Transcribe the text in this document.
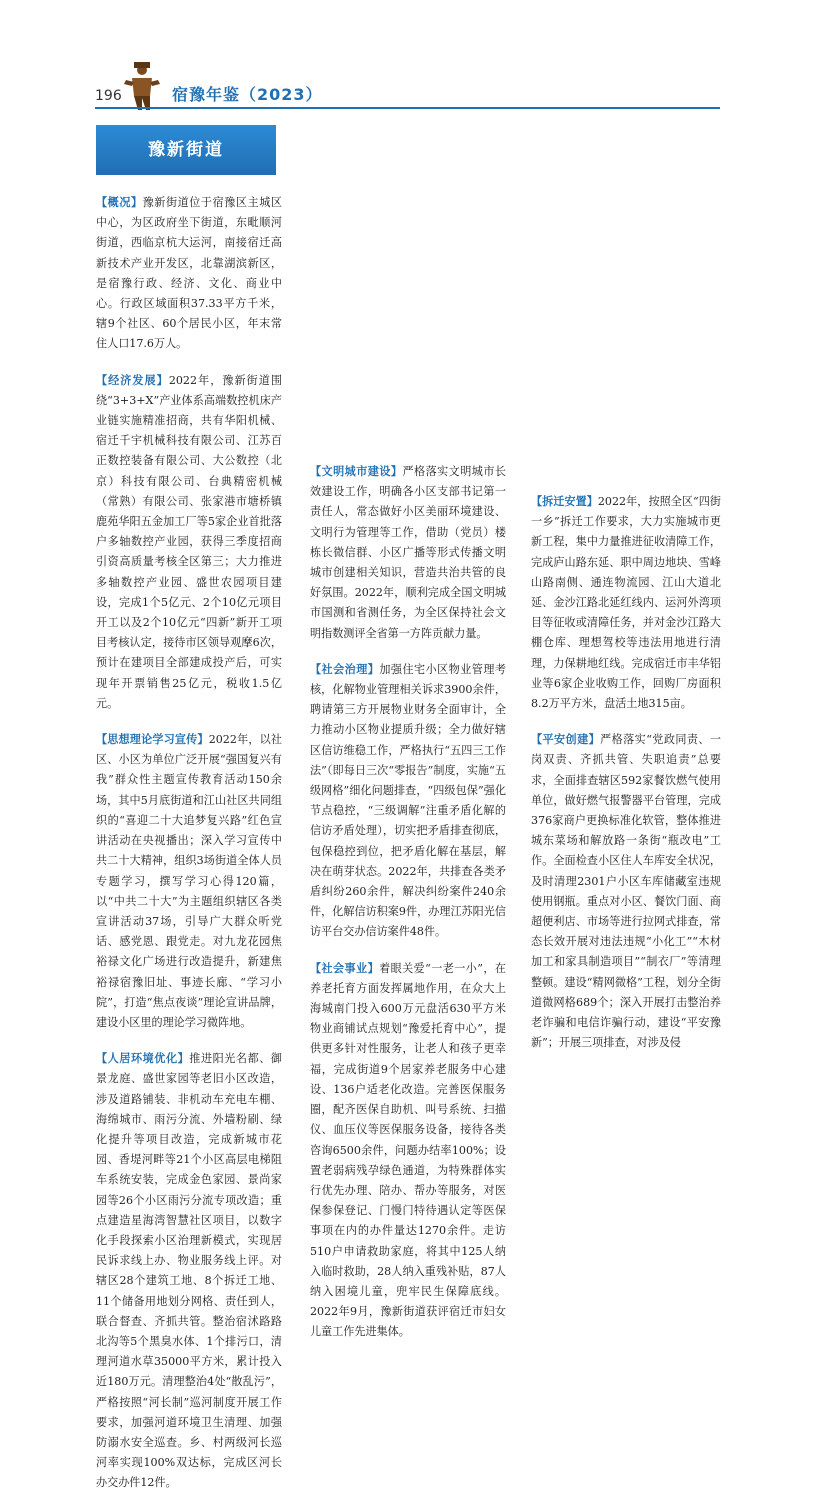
196	宿豫年鉴（2023）
豫新街道

【概况】豫新街道位于宿豫区主城区中心，为区政府坐下街道，东毗顺河街道，西临京杭大运河，南接宿迁高新技术产业开发区，北靠湖滨新区，是宿豫行政、经济、文化、商业中心。行政区域面积37.33平方千米，辖9个社区、60个居民小区，年末常住人口17.6万人。

【经济发展】2022年，豫新街道围绕“3+3+X”产业体系高端数控机床产业链实施精准招商，共有华阳机械、宿迁千宇机械科技有限公司、江苏百正数控装备有限公司、大公数控（北京）科技有限公司、台典精密机械（常熟）有限公司、张家港市塘桥镇鹿苑华阳五金加工厂等5家企业首批落户多轴数控产业园，获得三季度招商引资高质量考核全区第三；大力推进多轴数控产业园、盛世农园项目建设，完成1个5亿元、2个10亿元项目开工以及2个10亿元“四新”新开工项目考核认定，接待市区领导观摩6次，预计在建项目全部建成投产后，可实现年开票销售25亿元，税收1.5亿元。

【思想理论学习宣传】2022年，以社区、小区为单位广泛开展“强国复兴有我”群众性主题宣传教育活动150余场，其中5月底街道和江山社区共同组织的“喜迎二十大追梦复兴路”红色宣讲活动在央视播出；深入学习宣传中共二十大精神，组织3场街道全体人员专题学习，撰写学习心得120篇，以“中共二十大”为主题组织辖区各类宣讲活动37场，引导广大群众听党话、感党恩、跟党走。对九龙花园焦裕禄文化广场进行改造提升，新建焦裕禄宿豫旧址、事迹长廊、“学习小院”，打造“焦点夜谈”理论宣讲品牌，建设小区里的理论学习微阵地。

【人居环境优化】推进阳光名都、御景龙庭、盛世家园等老旧小区改造，涉及道路铺装、非机动车充电车棚、海绵城市、雨污分流、外墙粉刷、绿化提升等项目改造，完成新城市花园、香堤河畔等21个小区高层电梯阻车系统安装，完成金色家园、景尚家园等26个小区雨污分流专项改造；重点建造星海湾智慧社区项目，以数字化手段探索小区治理新模式，实现居民诉求线上办、物业服务线上评。对辖区28个建筑工地、8个拆迁工地、11个储备用地划分网格、责任到人，联合督查、齐抓共管。整治宿沭路路北沟等5个黑臭水体、1个排污口，清理河道水草35000平方米，累计投入近180万元。清理整治4处“散乱污”，严格按照“河长制”巡河制度开展工作要求，加强河道环境卫生清理、加强防溺水安全巡查。乡、村两级河长巡河率实现100%双达标，完成区河长办交办件12件。

【文明城市建设】严格落实文明城市长效建设工作，明确各小区支部书记第一责任人，常态做好小区美丽环境建设、文明行为管理等工作，借助（党员）楼栋长微信群、小区广播等形式传播文明城市创建相关知识，营造共治共管的良好氛围。2022年，顺利完成全国文明城市国测和省测任务，为全区保持社会文明指数测评全省第一方阵贡献力量。

【社会治理】加强住宅小区物业管理考核，化解物业管理相关诉求3900余件，聘请第三方开展物业财务全面审计，全力推动小区物业提质升级；全力做好辖区信访维稳工作，严格执行“五四三工作法”（即每日三次“零报告”制度，实施“五级网格”细化问题排查，“四级包保”强化节点稳控，“三级调解”注重矛盾化解的信访矛盾处理），切实把矛盾排查彻底，包保稳控到位，把矛盾化解在基层，解决在萌芽状态。2022年，共排查各类矛盾纠纷260余件，解决纠纷案件240余件，化解信访积案9件，办理江苏阳光信访平台交办信访案件48件。

【社会事业】着眼关爱“一老一小”，在养老托育方面发挥属地作用，在众大上海城南门投入600万元盘活630平方米物业商铺试点规划“豫爱托育中心”，提供更多针对性服务，让老人和孩子更幸福，完成街道9个居家养老服务中心建设、136户适老化改造。完善医保服务圈，配齐医保自助机、叫号系统、扫描仪、血压仪等医保服务设备，接待各类咨询6500余件，问题办结率100%；设置老弱病残孕绿色通道，为特殊群体实行优先办理、陪办、帮办等服务，对医保参保登记、门慢门特待遇认定等医保事项在内的办件量达1270余件。走访510户申请救助家庭，将其中125人纳入临时救助，28人纳入重残补贴，87人纳入困境儿童，兜牢民生保障底线。2022年9月，豫新街道获评宿迁市妇女儿童工作先进集体。

【拆迁安置】2022年，按照全区“四街一乡”拆迁工作要求，大力实施城市更新工程，集中力量推进征收清障工作，完成庐山路东延、职中周边地块、雪峰山路南侧、通连物流园、江山大道北延、金沙江路北延红线内、运河外湾项目等征收或清障任务，并对金沙江路大棚仓库、理想驾校等违法用地进行清理，力保耕地红线。完成宿迁市丰华铝业等6家企业收购工作，回购厂房面积8.2万平方米，盘活土地315亩。

【平安创建】严格落实“党政同责、一岗双责、齐抓共管、失职追责”总要求，全面排查辖区592家餐饮燃气使用单位，做好燃气报警器平台管理，完成376家商户更换标准化软管，整体推进城东菜场和解放路一条街“瓶改电”工作。全面检查小区住人车库安全状况，及时清理2301户小区车库储藏室违规使用钢瓶。重点对小区、餐饮门面、商超便利店、市场等进行拉网式排查，常态长效开展对违法违规“小化工”“木材加工和家具制造项目”“制衣厂”等清理整顿。建设“精网微格”工程，划分全街道微网格689个；深入开展打击整治养老诈骗和电信诈骗行动，建设“平安豫新”；开展三项排查，对涉及侵
